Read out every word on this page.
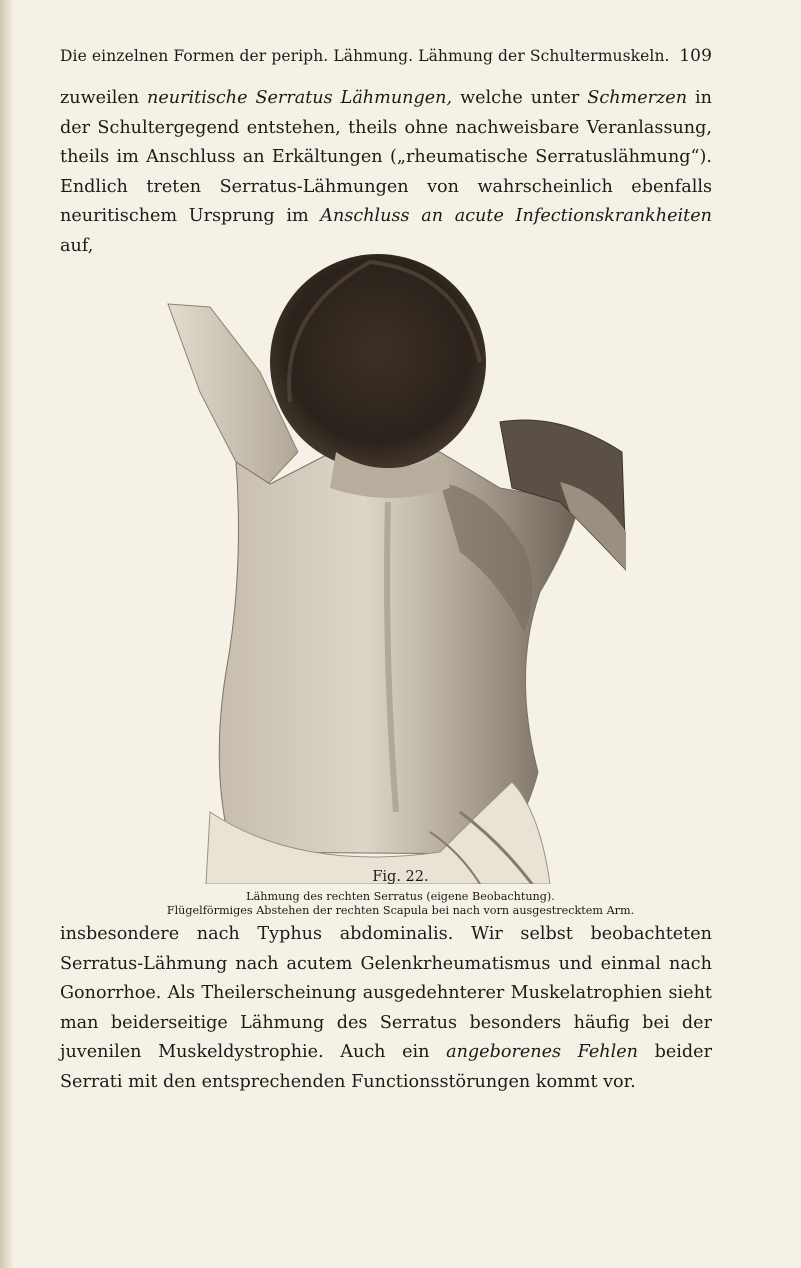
Die einzelnen Formen der periph. Lähmung. Lähmung der Schultermuskeln. 109

zuweilen neuritische Serratus Lähmungen, welche unter Schmerzen in der Schultergegend entstehen, theils ohne nachweisbare Veranlassung, theils im Anschluss an Erkältungen („rheumatische Serratuslähmung“). Endlich treten Serratus-Lähmungen von wahrscheinlich ebenfalls neuritischem Ursprung im Anschluss an acute Infectionskrankheiten auf,

Fig. 22.
Lähmung des rechten Serratus (eigene Beobachtung).
Flügelförmiges Abstehen der rechten Scapula bei nach vorn ausgestrecktem Arm.

insbesondere nach Typhus abdominalis. Wir selbst beobachteten Serratus-Lähmung nach acutem Gelenkrheumatismus und einmal nach Gonorrhoe. Als Theilerscheinung ausgedehnterer Muskelatrophien sieht man beiderseitige Lähmung des Serratus besonders häufig bei der juvenilen Muskeldystrophie. Auch ein angeborenes Fehlen beider Serrati mit den entsprechenden Functionsstörungen kommt vor.
